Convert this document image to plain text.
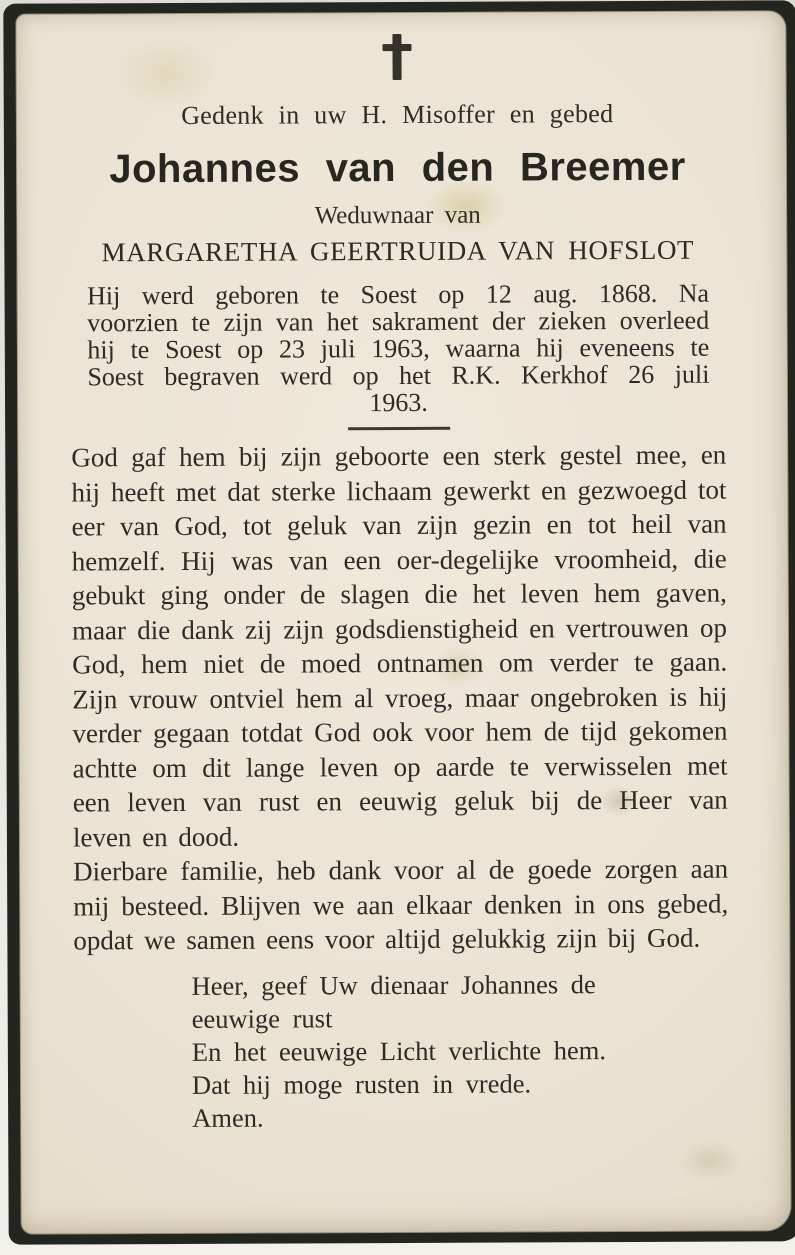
Gedenk in uw H. Misoffer en gebed
Johannes van den Breemer
Weduwnaar van
MARGARETHA GEERTRUIDA VAN HOFSLOT

Hij werd geboren te Soest op 12 aug. 1868. Na voorzien te zijn van het sakrament der zieken overleed hij te Soest op 23 juli 1963, waarna hij eveneens te Soest begraven werd op het R.K. Kerkhof 26 juli 1963.

God gaf hem bij zijn geboorte een sterk gestel mee, en hij heeft met dat sterke lichaam gewerkt en gezwoegd tot eer van God, tot geluk van zijn gezin en tot heil van hemzelf. Hij was van een oer-degelijke vroomheid, die gebukt ging onder de slagen die het leven hem gaven, maar die dank zij zijn godsdienstigheid en vertrouwen op God, hem niet de moed ontnamen om verder te gaan. Zijn vrouw ontviel hem al vroeg, maar ongebroken is hij verder gegaan totdat God ook voor hem de tijd gekomen achtte om dit lange leven op aarde te verwisselen met een leven van rust en eeuwig geluk bij de Heer van leven en dood.

Dierbare familie, heb dank voor al de goede zorgen aan mij besteed. Blijven we aan elkaar denken in ons gebed, opdat we samen eens voor altijd gelukkig zijn bij God.

Heer, geef Uw dienaar Johannes de eeuwige rust
En het eeuwige Licht verlichte hem.
Dat hij moge rusten in vrede.
Amen.
